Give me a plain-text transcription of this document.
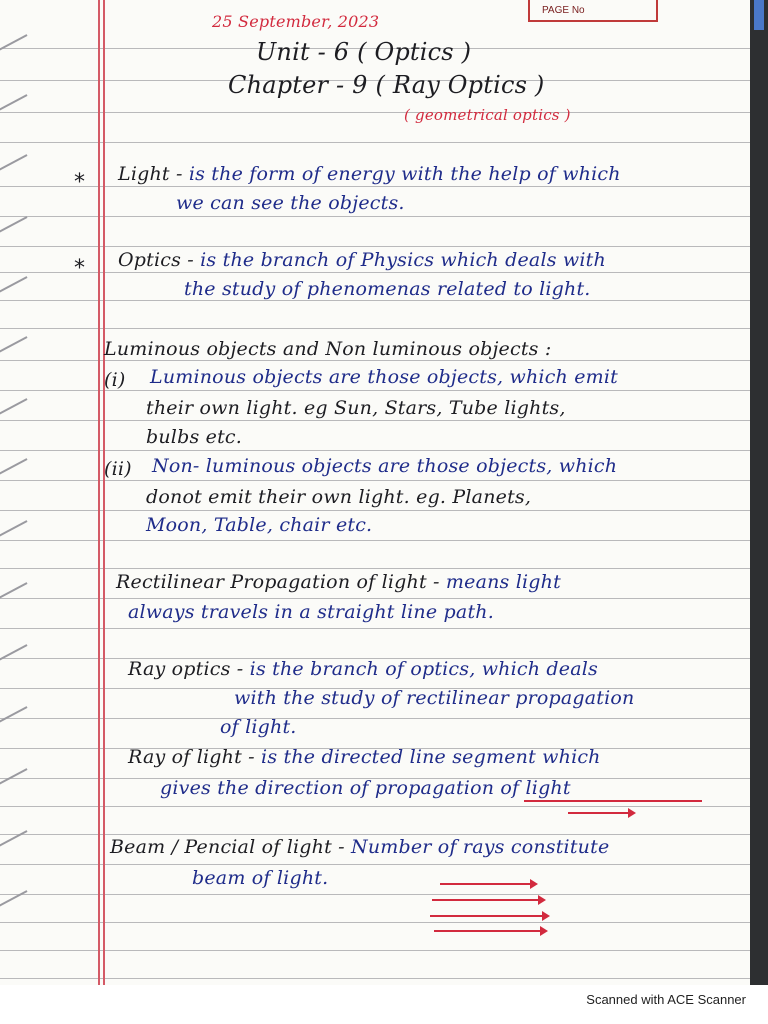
PAGE No
25 September, 2023
Unit - 6 ( Optics )
Chapter - 9 ( Ray Optics )
( geometrical optics )
* Light - is the form of energy with the help of which
we can see the objects.
* Optics - is the branch of Physics which deals with
the study of phenomenas related to light.
Luminous objects and Non luminous objects :
(i) Luminous objects are those objects, which emit
their own light. eg Sun, Stars, Tube lights,
bulbs etc.
(ii) Non- luminous objects are those objects, which
donot emit their own light. eg. Planets,
Moon, Table, chair etc.
Rectilinear Propagation of light - means light
always travels in a straight line path.
Ray optics - is the branch of optics, which deals
with the study of rectilinear propagation
of light.
Ray of light - is the directed line segment which
gives the direction of propagation of light
Beam / Pencial of light - Number of rays constitute
beam of light.
Scanned with ACE Scanner
